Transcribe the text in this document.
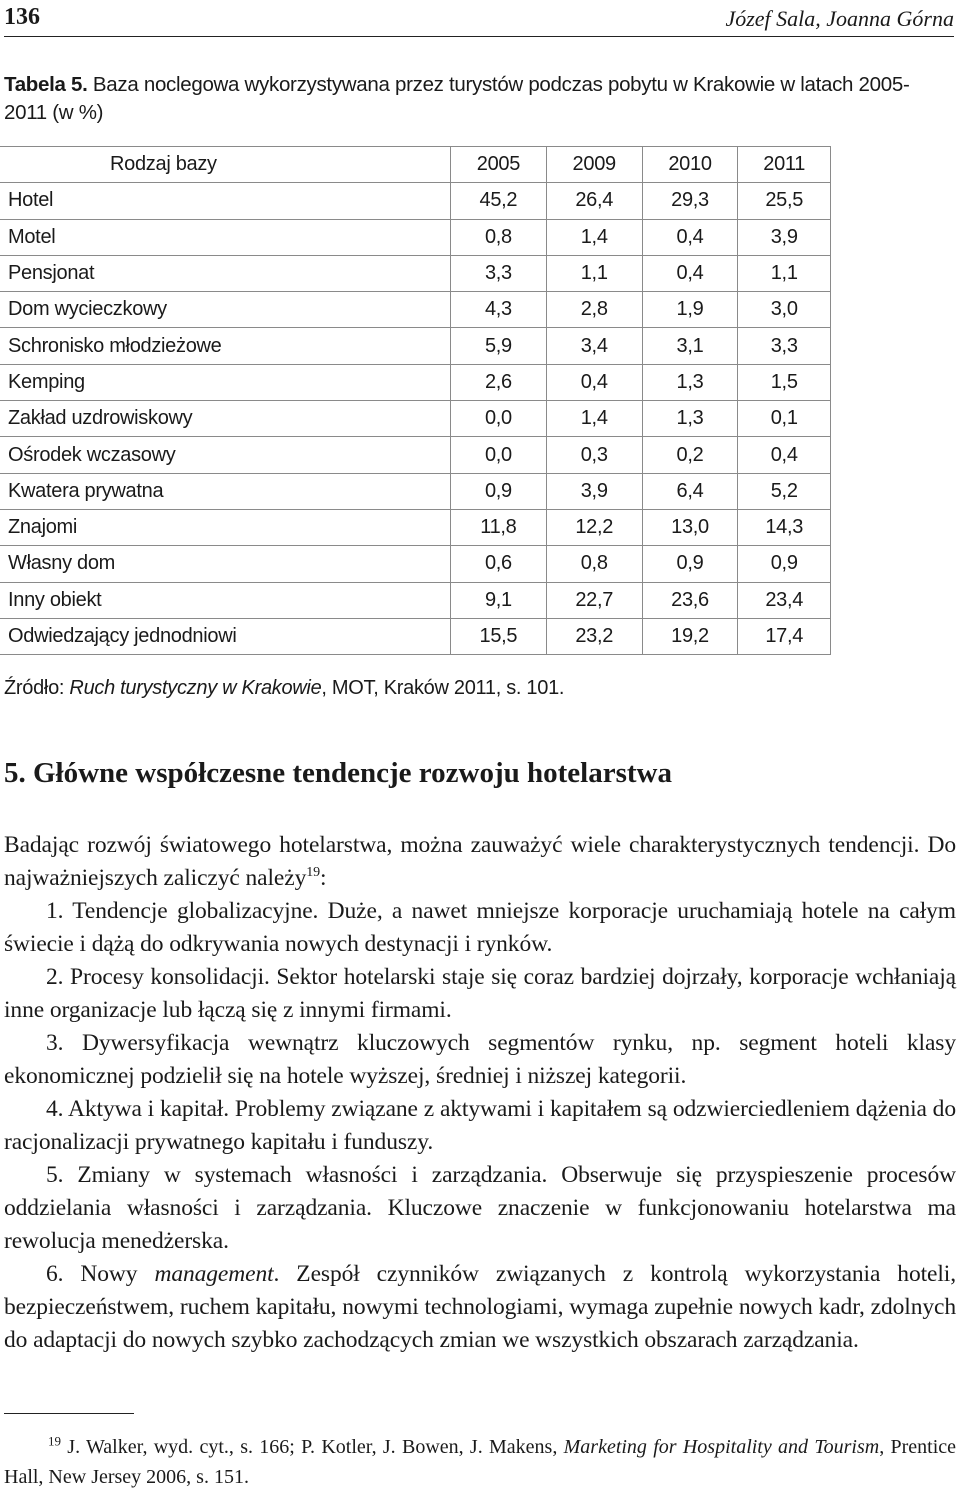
136	Józef Sala, Joanna Górna
Tabela 5. Baza noclegowa wykorzystywana przez turystów podczas pobytu w Krakowie w latach 2005-2011 (w %)
Rodzaj bazy	2005	2009	2010	2011
Hotel	45,2	26,4	29,3	25,5
Motel	0,8	1,4	0,4	3,9
Pensjonat	3,3	1,1	0,4	1,1
Dom wycieczkowy	4,3	2,8	1,9	3,0
Schronisko młodzieżowe	5,9	3,4	3,1	3,3
Kemping	2,6	0,4	1,3	1,5
Zakład uzdrowiskowy	0,0	1,4	1,3	0,1
Ośrodek wczasowy	0,0	0,3	0,2	0,4
Kwatera prywatna	0,9	3,9	6,4	5,2
Znajomi	11,8	12,2	13,0	14,3
Własny dom	0,6	0,8	0,9	0,9
Inny obiekt	9,1	22,7	23,6	23,4
Odwiedzający jednodniowi	15,5	23,2	19,2	17,4
Źródło: Ruch turystyczny w Krakowie, MOT, Kraków 2011, s. 101.
5. Główne współczesne tendencje rozwoju hotelarstwa

Badając rozwój światowego hotelarstwa, można zauważyć wiele charakterystycznych tendencji. Do najważniejszych zaliczyć należy$^{19}$:

1. Tendencje globalizacyjne. Duże, a nawet mniejsze korporacje uruchamiają hotele na całym świecie i dążą do odkrywania nowych destynacji i rynków.

2. Procesy konsolidacji. Sektor hotelarski staje się coraz bardziej dojrzały, korporacje wchłaniają inne organizacje lub łączą się z innymi firmami.

3. Dywersyfikacja wewnątrz kluczowych segmentów rynku, np. segment hoteli klasy ekonomicznej podzielił się na hotele wyższej, średniej i niższej kategorii.

4. Aktywa i kapitał. Problemy związane z aktywami i kapitałem są odzwierciedleniem dążenia do racjonalizacji prywatnego kapitału i funduszy.

5. Zmiany w systemach własności i zarządzania. Obserwuje się przyspieszenie procesów oddzielania własności i zarządzania. Kluczowe znaczenie w funkcjonowaniu hotelarstwa ma rewolucja menedżerska.

6. Nowy management. Zespół czynników związanych z kontrolą wykorzystania hoteli, bezpieczeństwem, ruchem kapitału, nowymi technologiami, wymaga zupełnie nowych kadr, zdolnych do adaptacji do nowych szybko zachodzących zmian we wszystkich obszarach zarządzania.

$^{19}$ J. Walker, wyd. cyt., s. 166; P. Kotler, J. Bowen, J. Makens, Marketing for Hospitality and Tourism, Prentice Hall, New Jersey 2006, s. 151.
